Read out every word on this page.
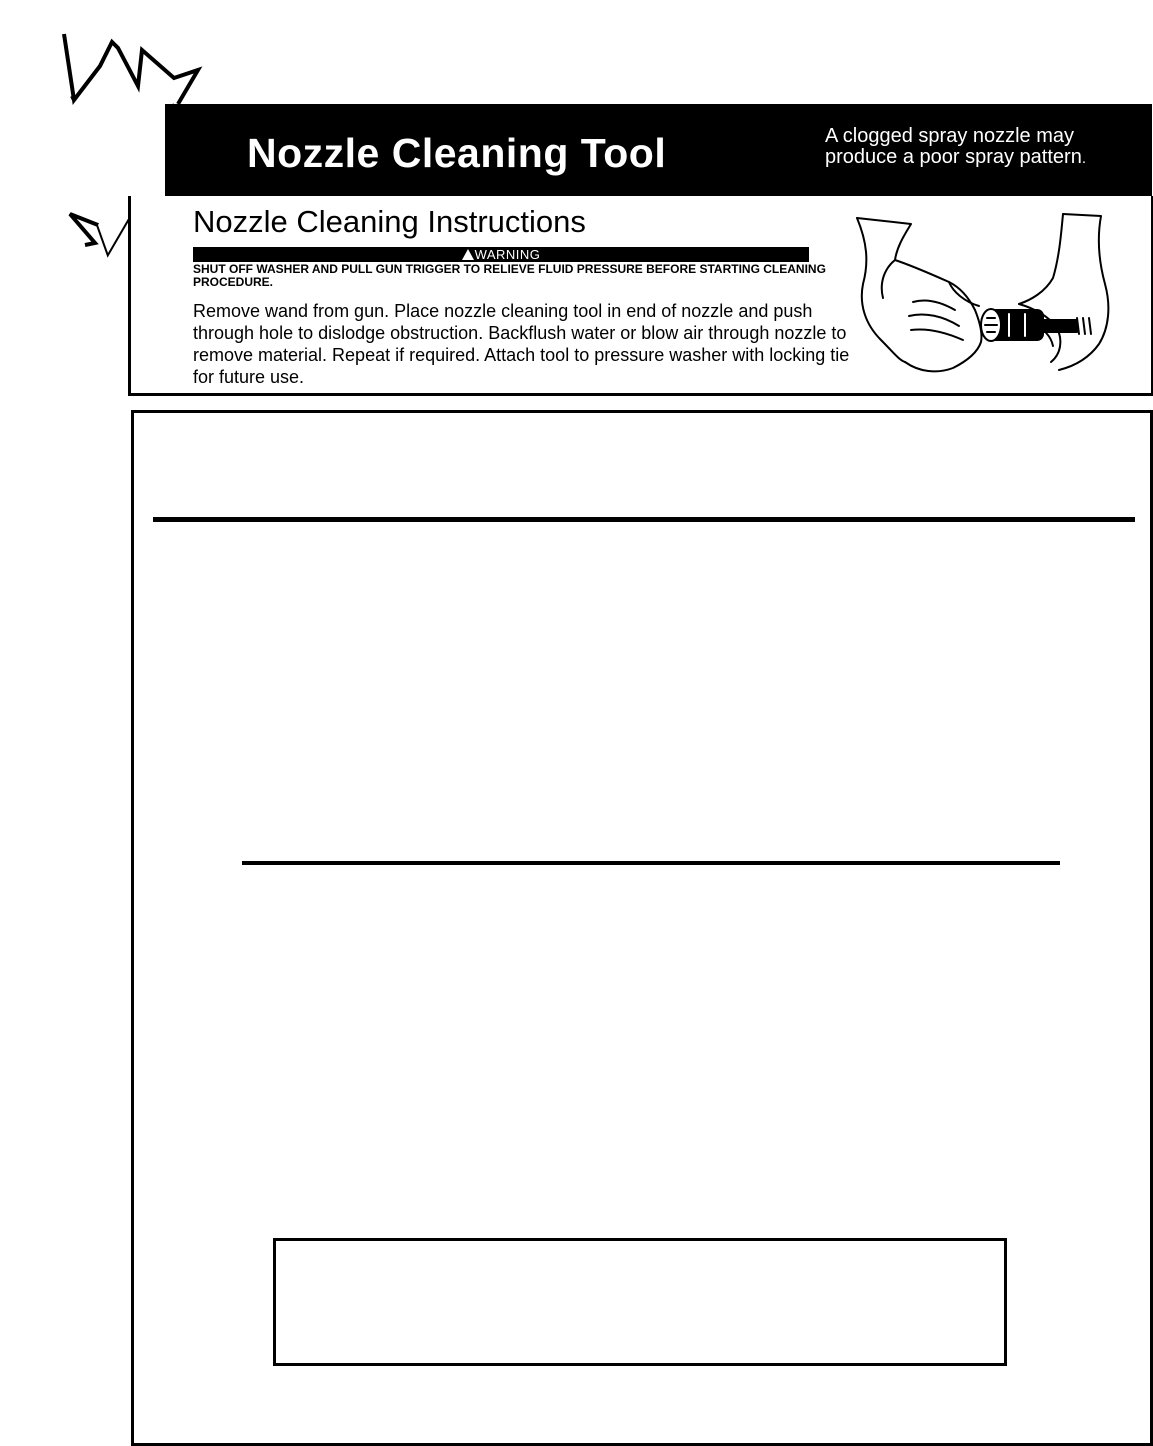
Nozzle Cleaning Tool	A clogged spray nozzle may produce a poor spray pattern.
Nozzle Cleaning Instructions
WARNING
SHUT OFF WASHER AND PULL GUN TRIGGER TO RELIEVE FLUID PRESSURE BEFORE STARTING CLEANING PROCEDURE.
Remove wand from gun. Place nozzle cleaning tool in end of nozzle and push through hole to dislodge obstruction. Backflush water or blow air through nozzle to remove material. Repeat if required. Attach tool to pressure washer with locking tie for future use.
